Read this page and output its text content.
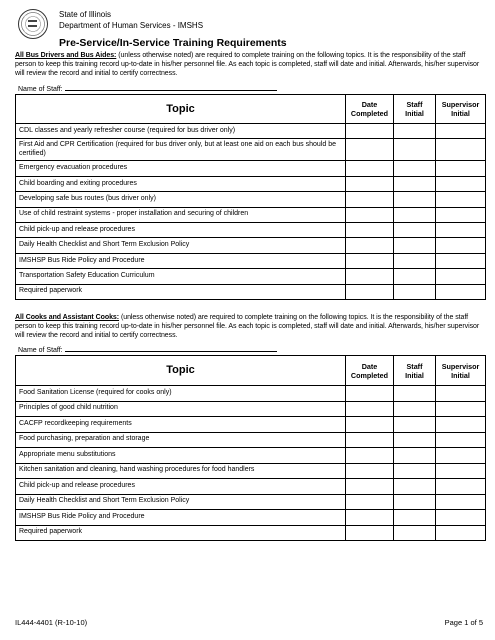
State of Illinois
Department of Human Services - IMSHS
Pre-Service/In-Service Training Requirements
All Bus Drivers and Bus Aides: (unless otherwise noted) are required to complete training on the following topics. It is the responsibility of the staff person to keep this training record up-to-date in his/her personnel file. As each topic is completed, staff will date and initial. Afterwards, his/her supervisor will review the record and initial to certify correctness.
Name of Staff:
Topic	Date Completed	Staff Initial	Supervisor Initial
CDL classes and yearly refresher course (required for bus driver only)			
First Aid and CPR Certification (required for bus driver only, but at least one aid on each bus should be certified)			
Emergency evacuation procedures			
Child boarding and exiting procedures			
Developing safe bus routes (bus driver only)			
Use of child restraint systems - proper installation and securing of children			
Child pick-up and release procedures			
Daily Health Checklist and Short Term Exclusion Policy			
IMSHSP Bus Ride Policy and Procedure			
Transportation Safety Education Curriculum			
Required paperwork			
All Cooks and Assistant Cooks: (unless otherwise noted) are required to complete training on the following topics. It is the responsibility of the staff person to keep this training record up-to-date in his/her personnel file. As each topic is completed, staff will date and initial. Afterwards, his/her supervisor will review the record and initial to certify correctness.
Name of Staff:
Topic	Date Completed	Staff Initial	Supervisor Initial
Food Sanitation License (required for cooks only)			
Principles of good child nutrition			
CACFP recordkeeping requirements			
Food purchasing, preparation and storage			
Appropriate menu substitutions			
Kitchen sanitation and cleaning, hand washing procedures for food handlers			
Child pick-up and release procedures			
Daily Health Checklist and Short Term Exclusion Policy			
IMSHSP Bus Ride Policy and Procedure			
Required paperwork			
IL444-4401 (R-10-10)	Page 1 of 5
